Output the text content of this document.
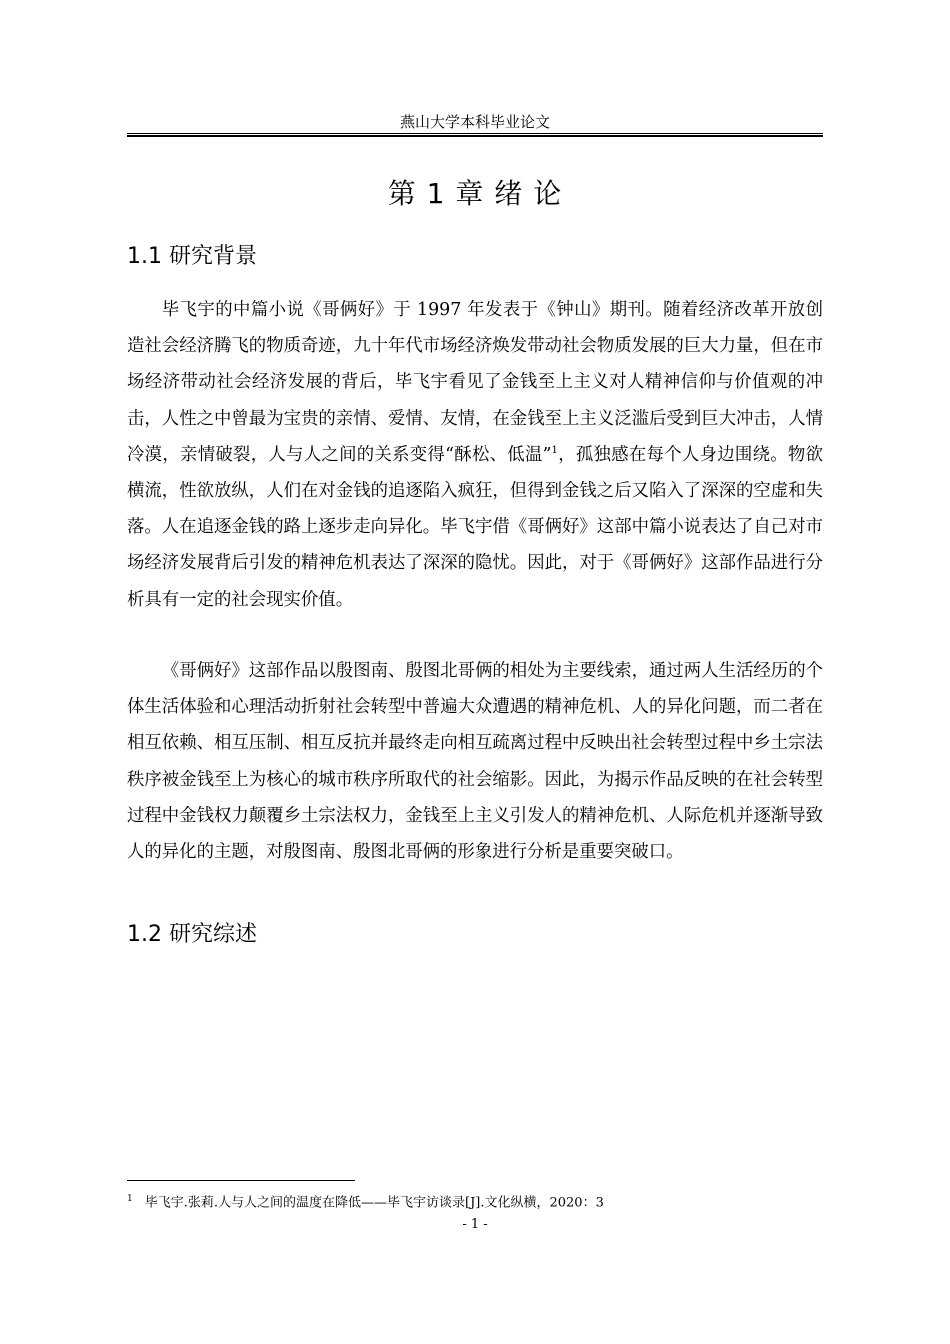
燕山大学本科毕业论文
第 1 章 绪 论
1.1 研究背景

毕飞宇的中篇小说《哥俩好》于 1997 年发表于《钟山》期刊。随着经济改革开放创造社会经济腾飞的物质奇迹，九十年代市场经济焕发带动社会物质发展的巨大力量，但在市场经济带动社会经济发展的背后，毕飞宇看见了金钱至上主义对人精神信仰与价值观的冲击，人性之中曾最为宝贵的亲情、爱情、友情，在金钱至上主义泛滥后受到巨大冲击，人情冷漠，亲情破裂，人与人之间的关系变得“酥松、低温”$^1$，孤独感在每个人身边围绕。物欲横流，性欲放纵，人们在对金钱的追逐陷入疯狂，但得到金钱之后又陷入了深深的空虚和失落。人在追逐金钱的路上逐步走向异化。毕飞宇借《哥俩好》这部中篇小说表达了自己对市场经济发展背后引发的精神危机表达了深深的隐忧。因此，对于《哥俩好》这部作品进行分析具有一定的社会现实价值。

《哥俩好》这部作品以殷图南、殷图北哥俩的相处为主要线索，通过两人生活经历的个体生活体验和心理活动折射社会转型中普遍大众遭遇的精神危机、人的异化问题，而二者在相互依赖、相互压制、相互反抗并最终走向相互疏离过程中反映出社会转型过程中乡土宗法秩序被金钱至上为核心的城市秩序所取代的社会缩影。因此，为揭示作品反映的在社会转型过程中金钱权力颠覆乡土宗法权力，金钱至上主义引发人的精神危机、人际危机并逐渐导致人的异化的主题，对殷图南、殷图北哥俩的形象进行分析是重要突破口。

1.2 研究综述
$^1$ 毕飞宇.张莉.人与人之间的温度在降低——毕飞宇访谈录[J].文化纵横，2020：3
- 1 -
